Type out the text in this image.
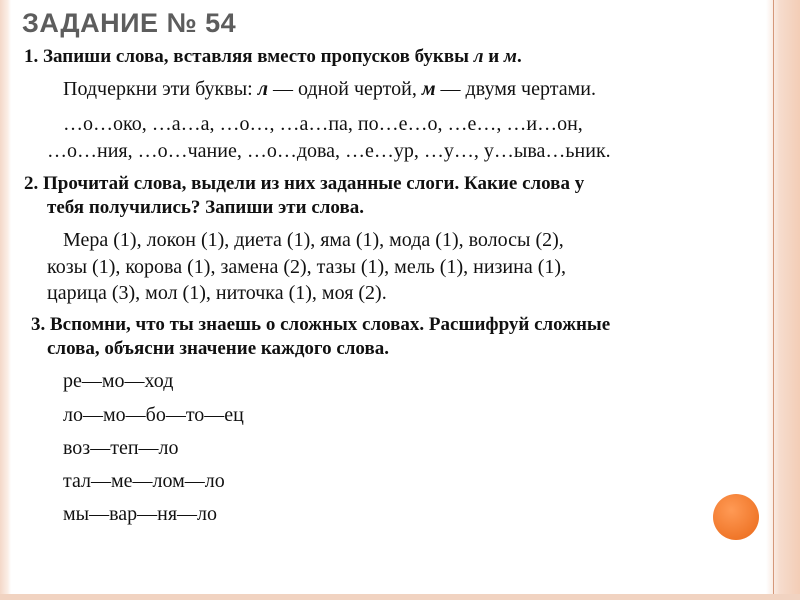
ЗАДАНИЕ № 54

1. Запиши слова, вставляя вместо пропусков буквы л и м.

Подчеркни эти буквы: л — одной чертой, м — двумя чертами.

…о…око, …а…а, …о…, …а…па, по…е…о, …е…, …и…он,

…о…ния, …о…чание, …о…дова, …е…ур, …у…, у…ыва…ьник.

2. Прочитай слова, выдели из них заданные слоги. Какие слова у

тебя получились? Запиши эти слова.

Мера (1), локон (1), диета (1), яма (1), мода (1), волосы (2),

козы (1), корова (1), замена (2), тазы (1), мель (1), низина (1),

царица (3), мол (1), ниточка (1), моя (2).

3. Вспомни, что ты знаешь о сложных словах. Расшифруй сложные

слова, объясни значение каждого слова.

ре—мо—ход

ло—мо—бо—то—ец

воз—теп—ло

тал—ме—лом—ло

мы—вар—ня—ло
